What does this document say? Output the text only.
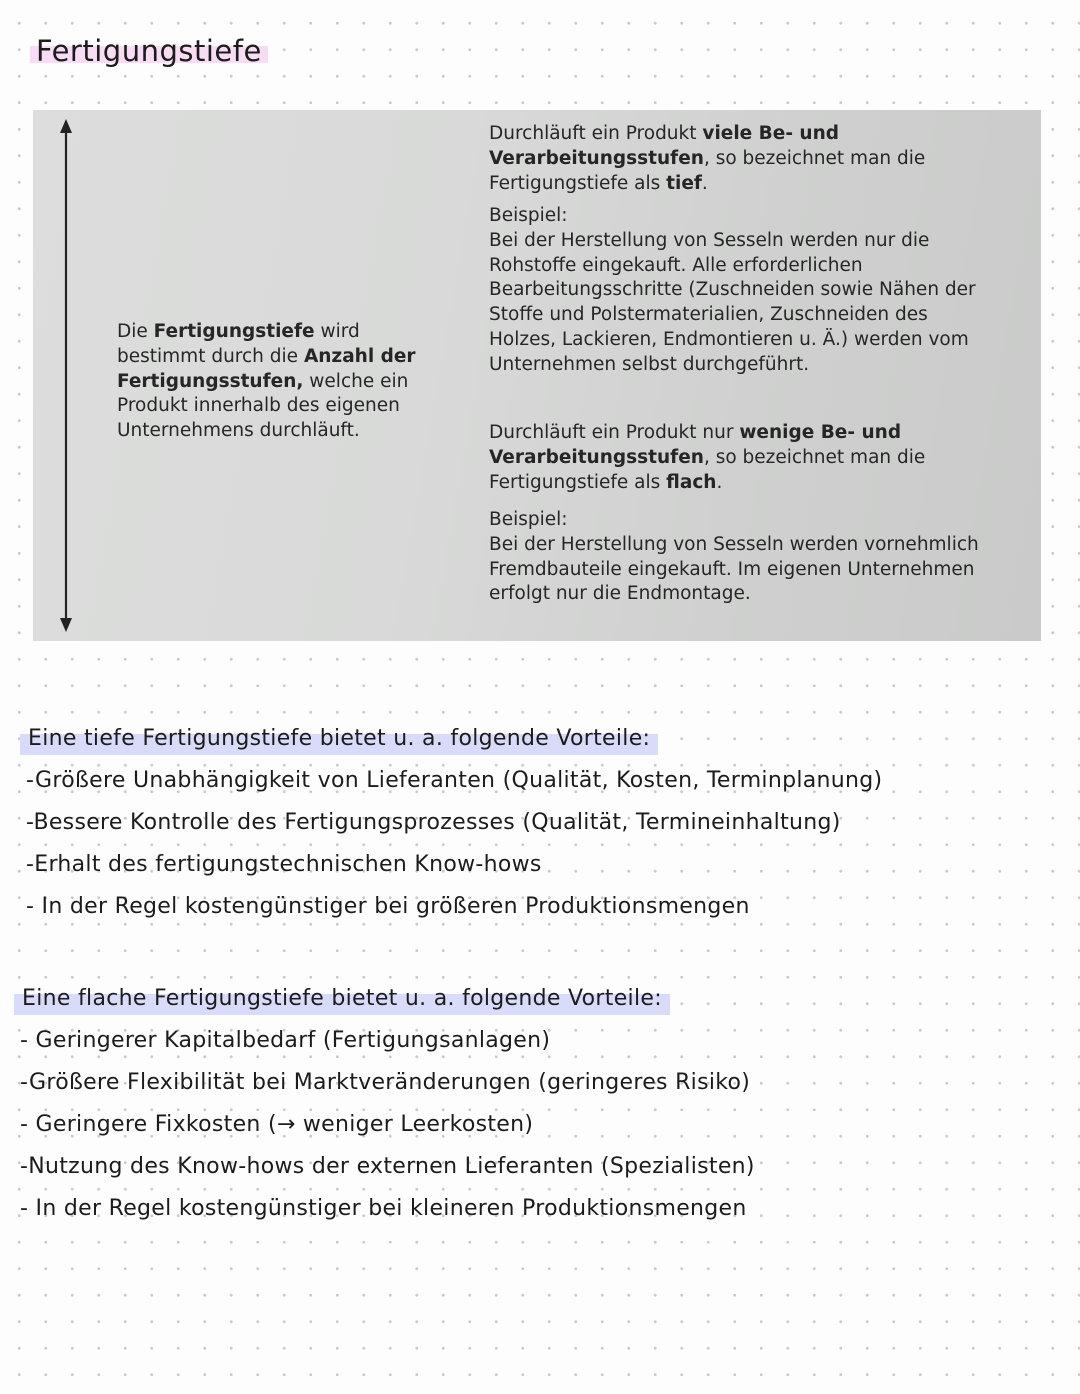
Fertigungstiefe
Die Fertigungstiefe wird bestimmt durch die Anzahl der Fertigungsstufen, welche ein Produkt innerhalb des eigenen Unternehmens durchläuft.
Durchläuft ein Produkt viele Be- und Verarbeitungsstufen, so bezeichnet man die Fertigungstiefe als tief.

Beispiel:

Bei der Herstellung von Sesseln werden nur die Rohstoffe eingekauft. Alle erforderlichen Bearbeitungsschritte (Zuschneiden sowie Nähen der Stoffe und Polstermaterialien, Zuschneiden des Holzes, Lackieren, Endmontieren u. Ä.) werden vom Unternehmen selbst durchgeführt.

Durchläuft ein Produkt nur wenige Be- und Verarbeitungsstufen, so bezeichnet man die Fertigungstiefe als flach.

Beispiel:

Bei der Herstellung von Sesseln werden vornehmlich Fremdbauteile eingekauft. Im eigenen Unternehmen erfolgt nur die Endmontage.

Eine tiefe Fertigungstiefe bietet u. a. folgende Vorteile:
-Größere Unabhängigkeit von Lieferanten (Qualität, Kosten, Terminplanung)
-Bessere Kontrolle des Fertigungsprozesses (Qualität, Termineinhaltung)
-Erhalt des fertigungstechnischen Know-hows
- In der Regel kostengünstiger bei größeren Produktionsmengen
Eine flache Fertigungstiefe bietet u. a. folgende Vorteile:
- Geringerer Kapitalbedarf (Fertigungsanlagen)
-Größere Flexibilität bei Marktveränderungen (geringeres Risiko)
- Geringere Fixkosten (→ weniger Leerkosten)
-Nutzung des Know-hows der externen Lieferanten (Spezialisten)
- In der Regel kostengünstiger bei kleineren Produktionsmengen
